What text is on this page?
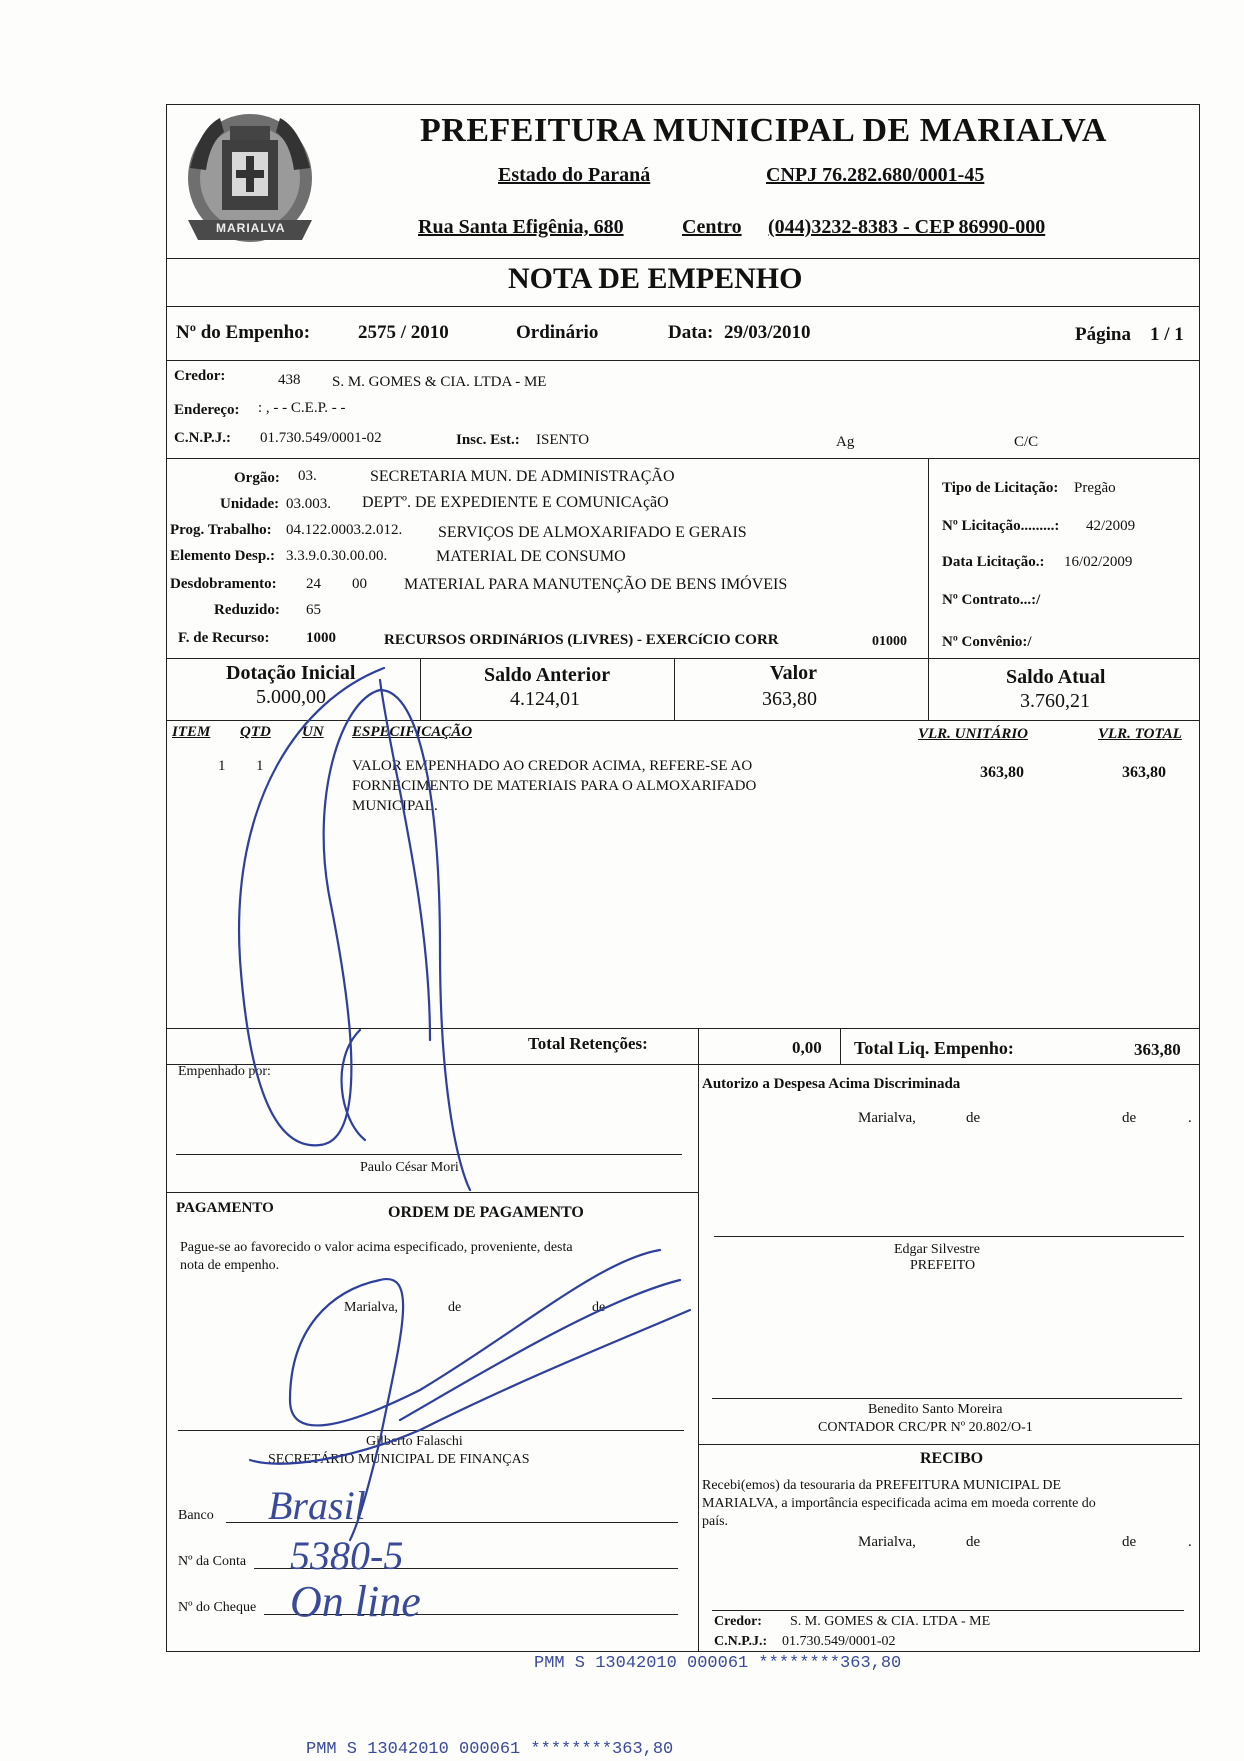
MARIALVA
PREFEITURA MUNICIPAL DE MARIALVA
Estado do Paraná	CNPJ 76.282.680/0001-45
Rua Santa Efigênia, 680	Centro (044)3232-8383 - CEP 86990-000
NOTA DE EMPENHO
Nº do Empenho:	2575 / 2010	Ordinário	Data: 29/03/2010	Página 1 / 1
Credor:	438 S. M. GOMES & CIA. LTDA - ME
Endereço: : , - - C.E.P. - -
C.N.P.J.: 01.730.549/0001-02	Insc. Est.: ISENTO	Ag	C/C
Orgão: 03.	SECRETARIA MUN. DE ADMINISTRAÇÃO
Unidade: 03.003. DEPTº. DE EXPEDIENTE E COMUNICAçãO
Prog. Trabalho: 04.122.0003.2.012. SERVIÇOS DE ALMOXARIFADO E GERAIS
Elemento Desp.: 3.3.9.0.30.00.00.	MATERIAL DE CONSUMO
Desdobramento: 24 00 MATERIAL PARA MANUTENÇÃO DE BENS IMÓVEIS
Reduzido: 65
F. de Recurso: 1000	RECURSOS ORDINáRIOS (LIVRES) - EXERCíCIO CORR	01000
Tipo de Licitação: Pregão
Nº Licitação.........: 42/2009
Data Licitação.: 16/02/2009
Nº Contrato...:/
Nº Convênio:/
Dotação Inicial
5.000,00
Saldo Anterior
4.124,01
Valor
363,80
Saldo Atual
3.760,21
ITEM QTD UN ESPECIFICAÇÃO	VLR. UNITÁRIO	VLR. TOTAL
1 1	VALOR EMPENHADO AO CREDOR ACIMA, REFERE-SE AO
FORNECIMENTO DE MATERIAIS PARA O ALMOXARIFADO
MUNICIPAL.
363,80	363,80
Total Retenções:	0,00 Total Liq. Empenho:	363,80
Empenhado por:
Paulo César Mori
Autorizo a Despesa Acima Discriminada
Marialva,	de	de	.
Edgar Silvestre
PREFEITO
Benedito Santo Moreira
CONTADOR CRC/PR Nº 20.802/O-1
PAGAMENTO	ORDEM DE PAGAMENTO
Pague-se ao favorecido o valor acima especificado, proveniente, desta
nota de empenho.
Marialva,	de	de
Gilberto Falaschi
SECRETÁRIO MUNICIPAL DE FINANÇAS
Banco
Nº da Conta
Nº do Cheque
Brasil
5380-5
On line
RECIBO
Recebi(emos) da tesouraria da PREFEITURA MUNICIPAL DE
MARIALVA, a importância especificada acima em moeda corrente do
país.
Marialva,	de	de	.
Credor: S. M. GOMES & CIA. LTDA - ME
C.N.P.J.: 01.730.549/0001-02
PMM S 13042010 000061 ********363,80
PMM S 13042010 000061 ********363,80
